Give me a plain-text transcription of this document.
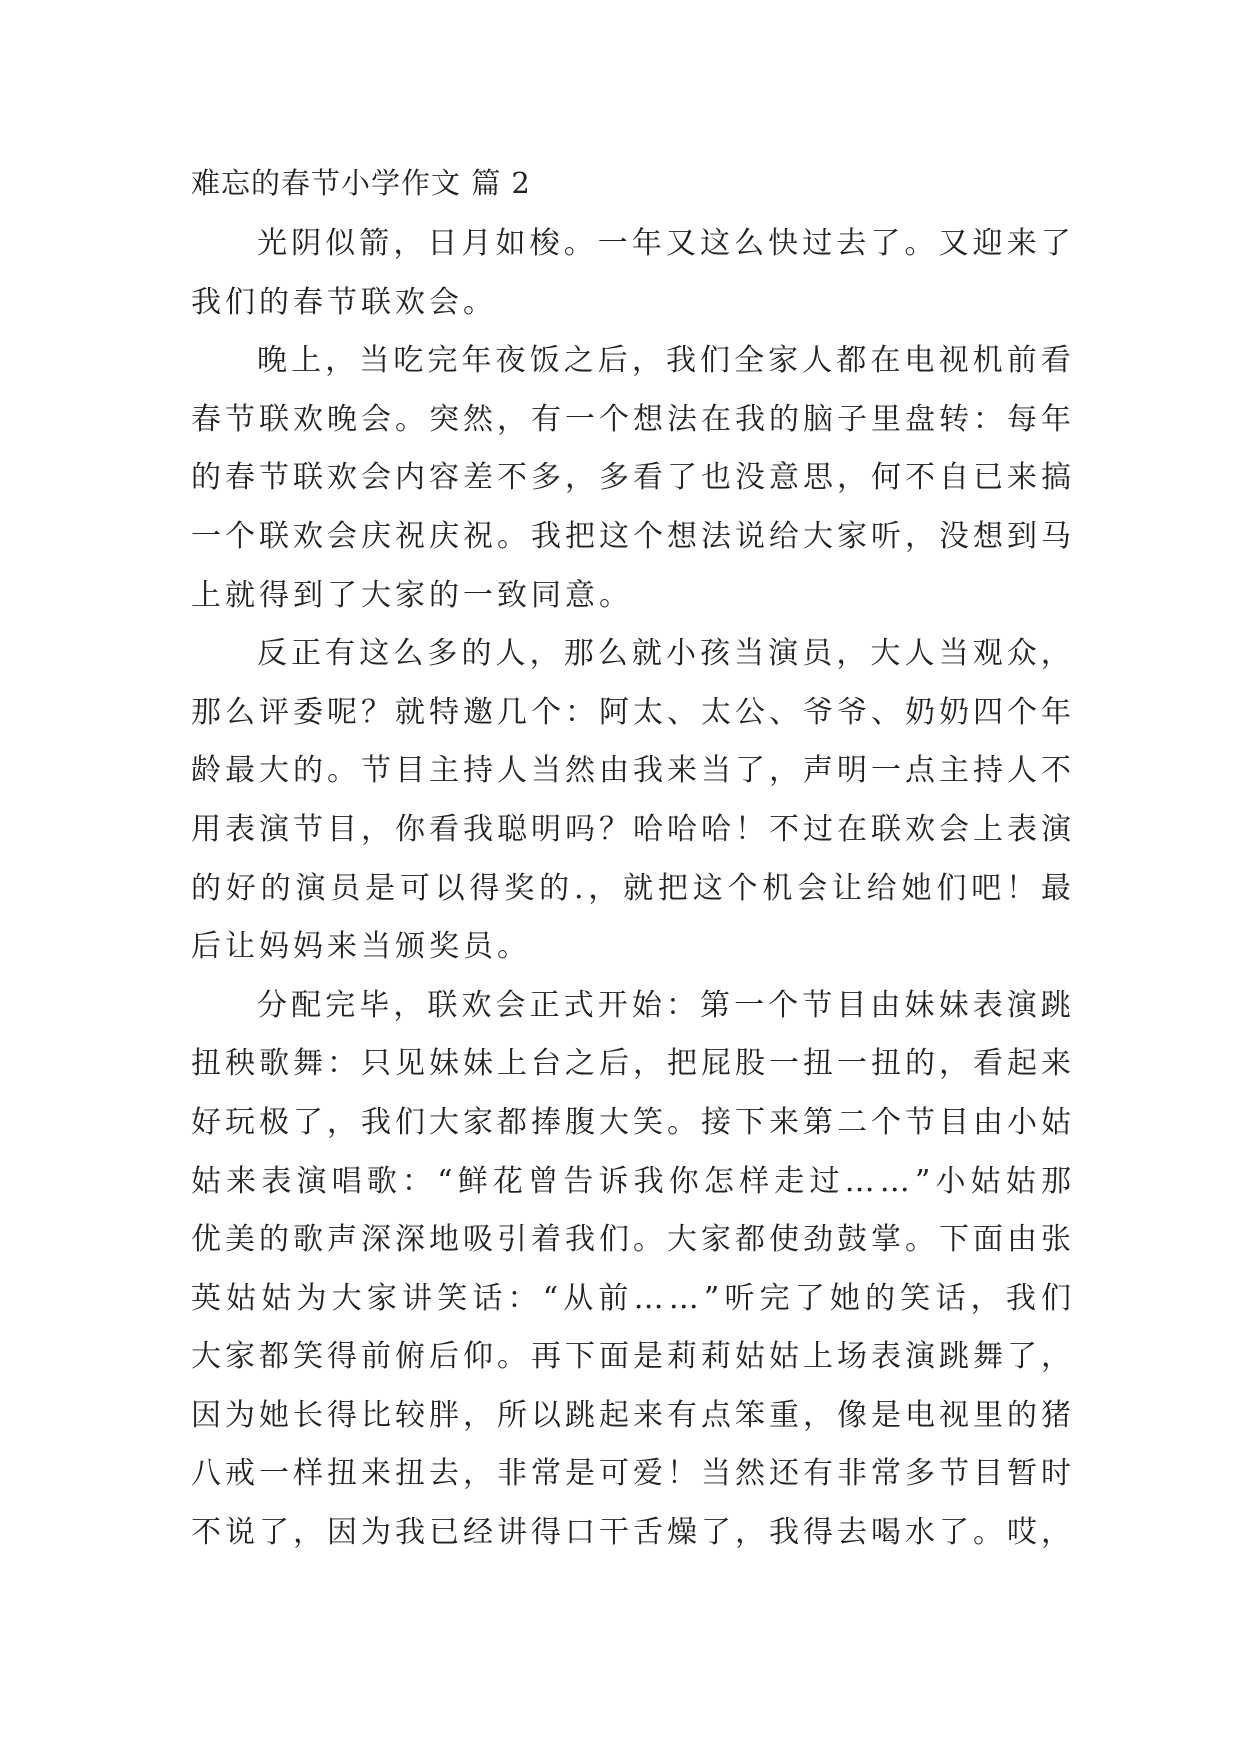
难忘的春节小学作文 篇 2
光 阴 似 箭 ， 日 月 如 梭 。 一 年 又 这 么 快 过 去 了 。 又 迎 来 了
我们的春节联欢会。
晚 上 ， 当 吃 完 年 夜 饭 之 后 ， 我 们 全 家 人 都 在 电 视 机 前 看
春 节 联 欢 晚 会 。 突 然 ， 有 一 个 想 法 在 我 的 脑 子 里 盘 转 ： 每 年
的 春 节 联 欢 会 内 容 差 不 多 ， 多 看 了 也 没 意 思 ， 何 不 自 已 来 搞
一 个 联 欢 会 庆 祝 庆 祝 。 我 把 这 个 想 法 说 给 大 家 听 ， 没 想 到 马
上就得到了大家的一致同意。
反 正 有 这 么 多 的 人 ， 那 么 就 小 孩 当 演 员 ， 大 人 当 观 众 ，
那 么 评 委 呢 ？ 就 特 邀 几 个 ： 阿 太 、 太 公 、 爷 爷 、 奶 奶 四 个 年
龄 最 大 的 。 节 目 主 持 人 当 然 由 我 来 当 了 ， 声 明 一 点 主 持 人 不
用 表 演 节 目 ， 你 看 我 聪 明 吗 ？ 哈 哈 哈 ！ 不 过 在 联 欢 会 上 表 演
的 好 的 演 员 是 可 以 得 奖 的 . ， 就 把 这 个 机 会 让 给 她 们 吧 ！ 最
后让妈妈来当颁奖员。
分 配 完 毕 ， 联 欢 会 正 式 开 始 ： 第 一 个 节 目 由 妹 妹 表 演 跳
扭 秧 歌 舞 ： 只 见 妹 妹 上 台 之 后 ， 把 屁 股 一 扭 一 扭 的 ， 看 起 来
好 玩 极 了 ， 我 们 大 家 都 捧 腹 大 笑 。 接 下 来 第 二 个 节 目 由 小 姑
姑 来 表 演 唱 歌 ： “ 鲜 花 曾 告 诉 我 你 怎 样 走 过 … … ” 小 姑 姑 那
优 美 的 歌 声 深 深 地 吸 引 着 我 们 。 大 家 都 使 劲 鼓 掌 。 下 面 由 张
英 姑 姑 为 大 家 讲 笑 话 ： “ 从 前 … … ” 听 完 了 她 的 笑 话 ， 我 们
大 家 都 笑 得 前 俯 后 仰 。 再 下 面 是 莉 莉 姑 姑 上 场 表 演 跳 舞 了 ，
因 为 她 长 得 比 较 胖 ， 所 以 跳 起 来 有 点 笨 重 ， 像 是 电 视 里 的 猪
八 戒 一 样 扭 来 扭 去 ， 非 常 是 可 爱 ！ 当 然 还 有 非 常 多 节 目 暂 时
不 说 了 ， 因 为 我 已 经 讲 得 口 干 舌 燥 了 ， 我 得 去 喝 水 了 。 哎 ，
